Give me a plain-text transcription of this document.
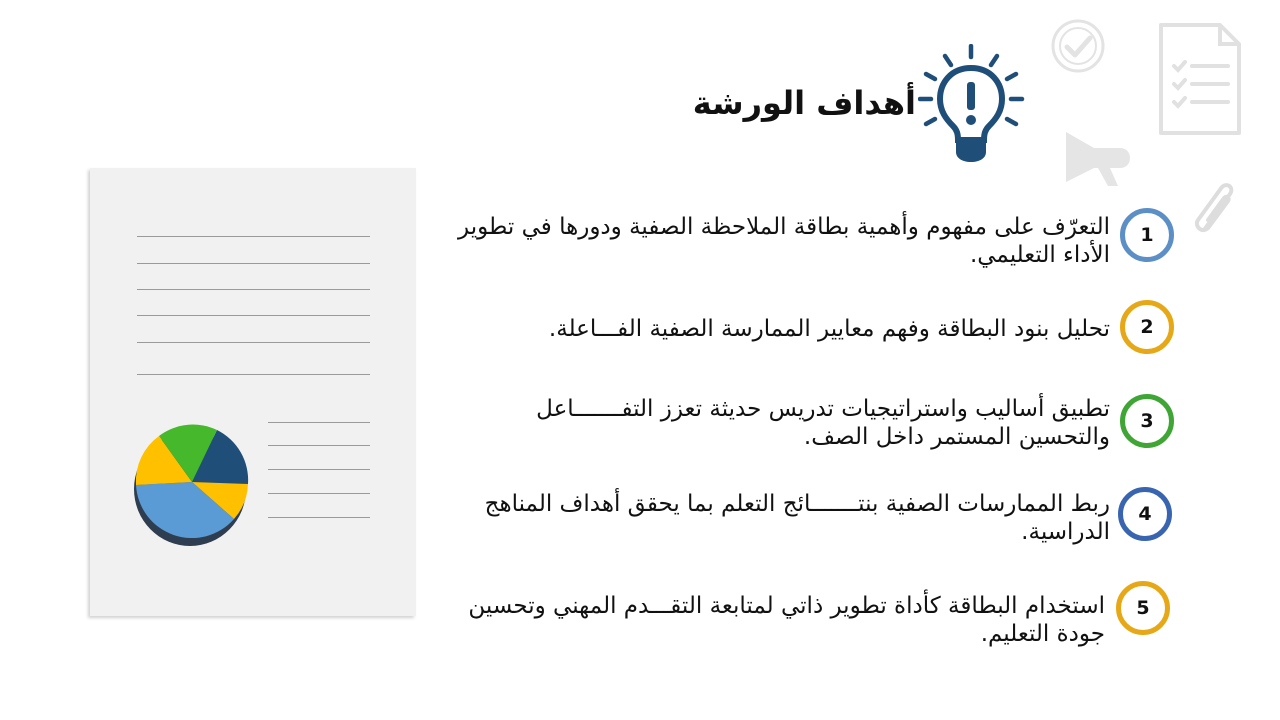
أهداف الورشة
التعرّف على مفهوم وأهمية بطاقة الملاحظة الصفية ودورها في تطوير الأداء التعليمي.
1
تحليل بنود البطاقة وفهم معايير الممارسة الصفية الفـــاعلة.	2
تطبيق أساليب واستراتيجيات تدريس حديثة تعزز التفـــــــاعل والتحسين المستمر داخل الصف.
3
ربط الممارسات الصفية بنتـــــــائج التعلم بما يحقق أهداف المناهج الدراسية.
4
استخدام البطاقة كأداة تطوير ذاتي لمتابعة التقـــدم المهني وتحسين جودة التعليم.
5
